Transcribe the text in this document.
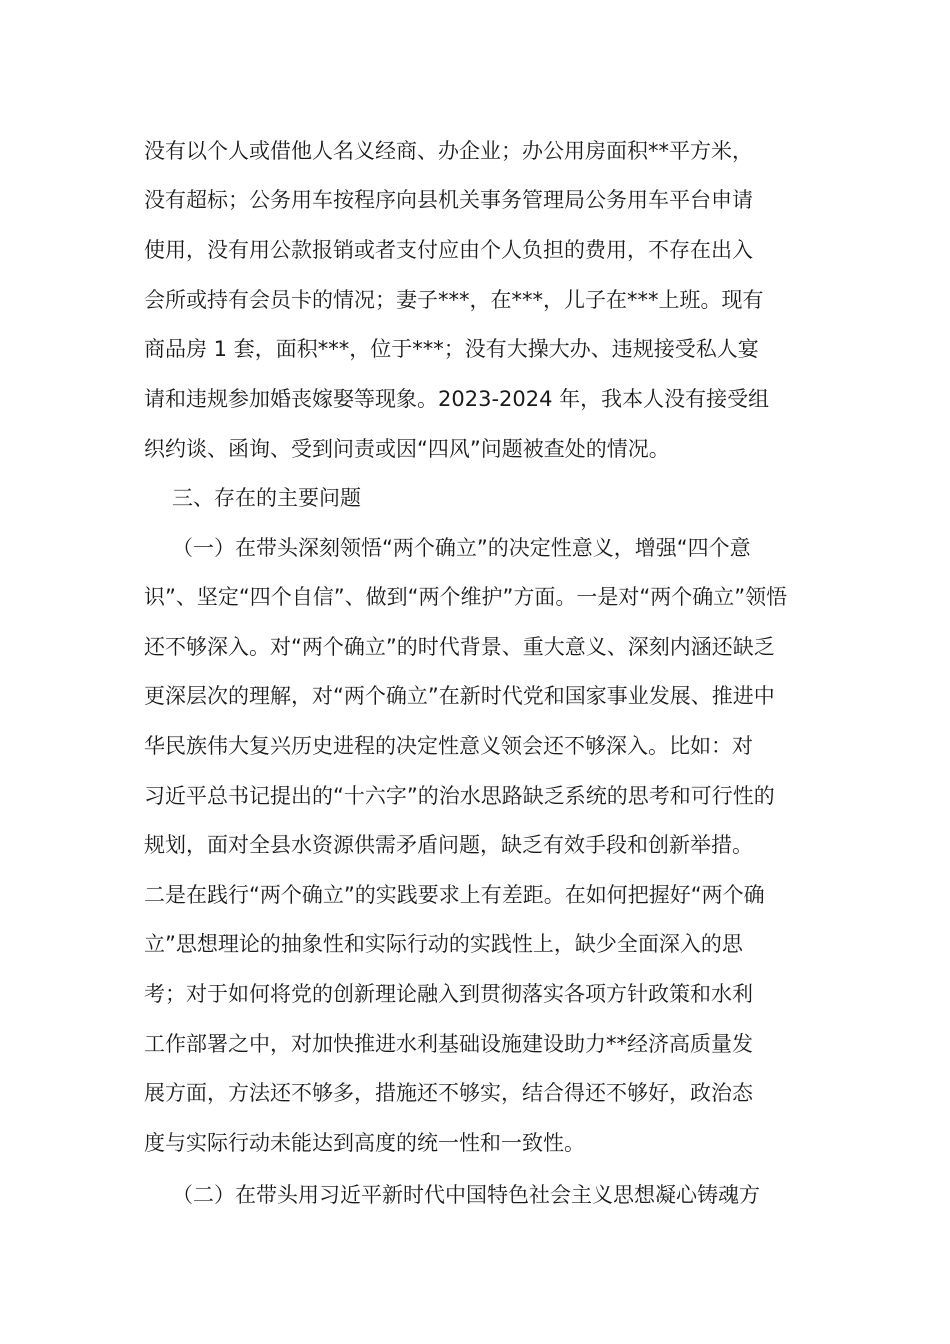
没有以个人或借他人名义经商、办企业；办公用房面积**平方米，
没有超标；公务用车按程序向县机关事务管理局公务用车平台申请
使用，没有用公款报销或者支付应由个人负担的费用，不存在出入
会所或持有会员卡的情况；妻子***，在***，儿子在***上班。现有
商品房 1 套，面积***，位于***；没有大操大办、违规接受私人宴
请和违规参加婚丧嫁娶等现象。2023-2024 年，我本人没有接受组
织约谈、函询、受到问责或因“四风”问题被查处的情况。
三、存在的主要问题
（一）在带头深刻领悟“两个确立”的决定性意义，增强“四个意
识”、坚定“四个自信”、做到“两个维护”方面。一是对“两个确立”领悟
还不够深入。对“两个确立”的时代背景、重大意义、深刻内涵还缺乏
更深层次的理解，对“两个确立”在新时代党和国家事业发展、推进中
华民族伟大复兴历史进程的决定性意义领会还不够深入。比如：对
习近平总书记提出的“十六字”的治水思路缺乏系统的思考和可行性的
规划，面对全县水资源供需矛盾问题，缺乏有效手段和创新举措。
二是在践行“两个确立”的实践要求上有差距。在如何把握好“两个确
立”思想理论的抽象性和实际行动的实践性上，缺少全面深入的思
考；对于如何将党的创新理论融入到贯彻落实各项方针政策和水利
工作部署之中，对加快推进水利基础设施建设助力**经济高质量发
展方面，方法还不够多，措施还不够实，结合得还不够好，政治态
度与实际行动未能达到高度的统一性和一致性。
（二）在带头用习近平新时代中国特色社会主义思想凝心铸魂方
